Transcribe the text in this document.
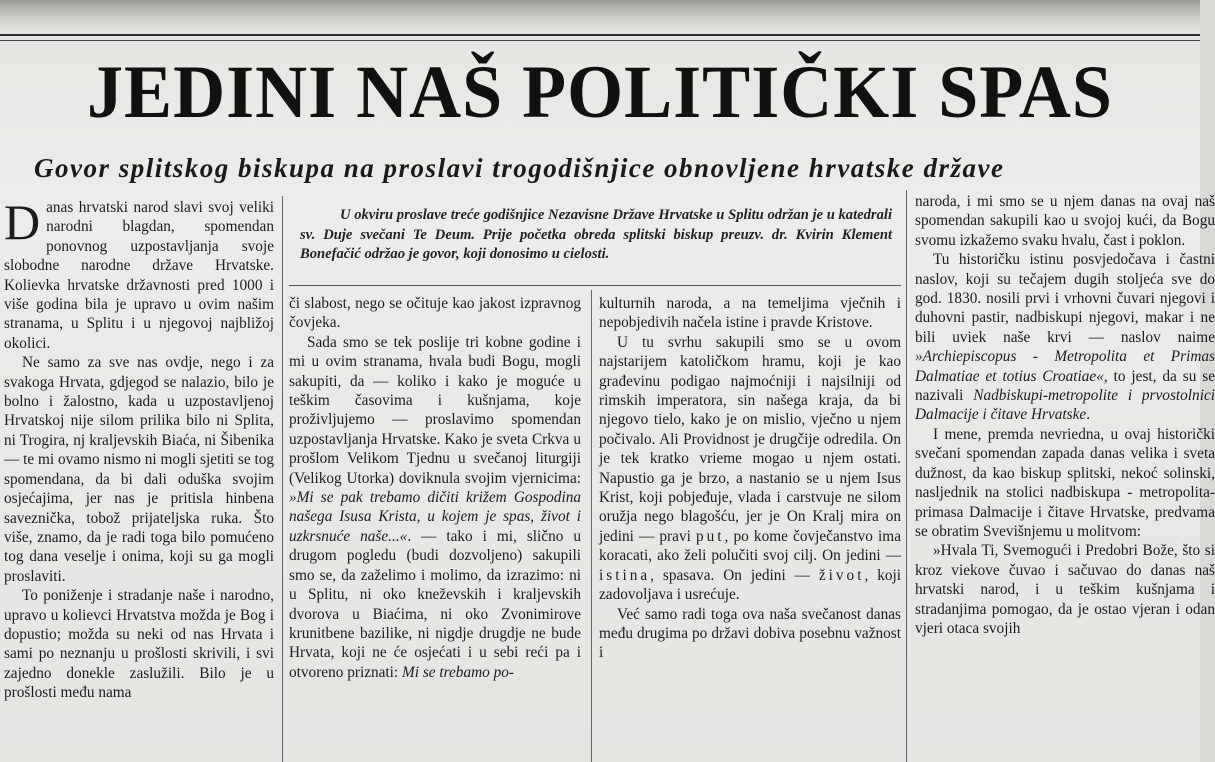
JEDINI NAŠ POLITIČKI SPAS
Govor splitskog biskupa na proslavi trogodišnjice obnovljene hrvatske države
U okviru proslave treće godišnjice Nezavisne Države Hrvatske u Splitu održan je u katedrali sv. Duje svečani Te Deum. Prije početka obreda splitski biskup preuzv. dr. Kvirin Klement Bonefačić održao je govor, koji donosimo u cielosti.

Danas hrvatski narod slavi svoj veliki narodni blagdan, spomendan ponovnog uzpostavljanja svoje slobodne narodne države Hrvatske. Kolievka hrvatske državnosti pred 1000 i više godina bila je upravo u ovim našim stranama, u Splitu i u njegovoj najbližoj okolici.

Ne samo za sve nas ovdje, nego i za svakoga Hrvata, gdjegod se nalazio, bilo je bolno i žalostno, kada u uzpostavljenoj Hrvatskoj nije silom prilika bilo ni Splita, ni Trogira, nj kraljevskih Biaća, ni Šibenika — te mi ovamo nismo ni mogli sjetiti se tog spomendana, da bi dali oduška svojim osjećajima, jer nas je pritisla hinbena saveznička, tobož prijateljska ruka. Što više, znamo, da je radi toga bilo pomućeno tog dana veselje i onima, koji su ga mogli proslaviti.

To poniženje i stradanje naše i narodno, upravo u kolievci Hrvatstva možda je Bog i dopustio; možda su neki od nas Hrvata i sami po neznanju u prošlosti skrivili, i svi zajedno donekle zaslužili. Bilo je u prošlosti među nama

či slabost, nego se očituje kao jakost izpravnog čovjeka.

Sada smo se tek poslije tri kobne godine i mi u ovim stranama, hvala budi Bogu, mogli sakupiti, da — koliko i kako je moguće u teškim časovima i kušnjama, koje proživljujemo — proslavimo spomendan uzpostavljanja Hrvatske. Kako je sveta Crkva u prošlom Velikom Tjednu u svečanoj liturgiji (Velikog Utorka) doviknula svojim vjernicima: »Mi se pak trebamo dičiti križem Gospodina našega Isusa Krista, u kojem je spas, život i uzkrsnuće naše...«. — tako i mi, slično u drugom pogledu (budi dozvoljeno) sakupili smo se, da zaželimo i molimo, da izrazimo: ni u Splitu, ni oko kneževskih i kraljevskih dvorova u Biaćima, ni oko Zvonimirove krunitbene bazilike, ni nigdje drugdje ne bude Hrvata, koji ne će osjećati i u sebi reći pa i otvoreno priznati: Mi se trebamo po-

kulturnih naroda, a na temeljima vječnih i nepobjedivih načela istine i pravde Kristove.

U tu svrhu sakupili smo se u ovom najstarijem katoličkom hramu, koji je kao građevinu podigao najmoćniji i najsilniji od rimskih imperatora, sin našega kraja, da bi njegovo tielo, kako je on mislio, vječno u njem počivalo. Ali Providnost je drugčije odredila. On je tek kratko vrieme mogao u njem ostati. Napustio ga je brzo, a nastanio se u njem Isus Krist, koji pobjeđuje, vlada i carstvuje ne silom oružja nego blagošću, jer je On Kralj mira on jedini — pravi put, po kome čovječanstvo ima koracati, ako želi polučiti svoj cilj. On jedini — istina, spasava. On jedini — život, koji zadovoljava i usrećuje.

Već samo radi toga ova naša svečanost danas među drugima po državi dobiva posebnu važnost i

naroda, i mi smo se u njem danas na ovaj naš spomendan sakupili kao u svojoj kući, da Bogu svomu izkažemo svaku hvalu, čast i poklon.

Tu historičku istinu posvjedočava i častni naslov, koji su tečajem dugih stoljeća sve do god. 1830. nosili prvi i vrhovni čuvari njegovi i duhovni pastir, nadbiskupi njegovi, makar i ne bili uviek naše krvi — naslov naime »Archiepiscopus - Metropolita et Primas Dalmatiae et totius Croatiae«, to jest, da su se nazivali Nadbiskupi-metropolite i prvostolnici Dalmacije i čitave Hrvatske.

I mene, premda nevriedna, u ovaj historički svečani spomendan zapada danas velika i sveta dužnost, da kao biskup splitski, nekoć solinski, nasljednik na stolici nadbiskupa - metropolita-primasa Dalmacije i čitave Hrvatske, predvama se obratim Svevišnjemu u molitvom:

»Hvala Ti, Svemogući i Predobri Bože, što si kroz viekove čuvao i sačuvao do danas naš hrvatski narod, i u teškim kušnjama i stradanjima pomogao, da je ostao vjeran i odan vjeri otaca svojih
